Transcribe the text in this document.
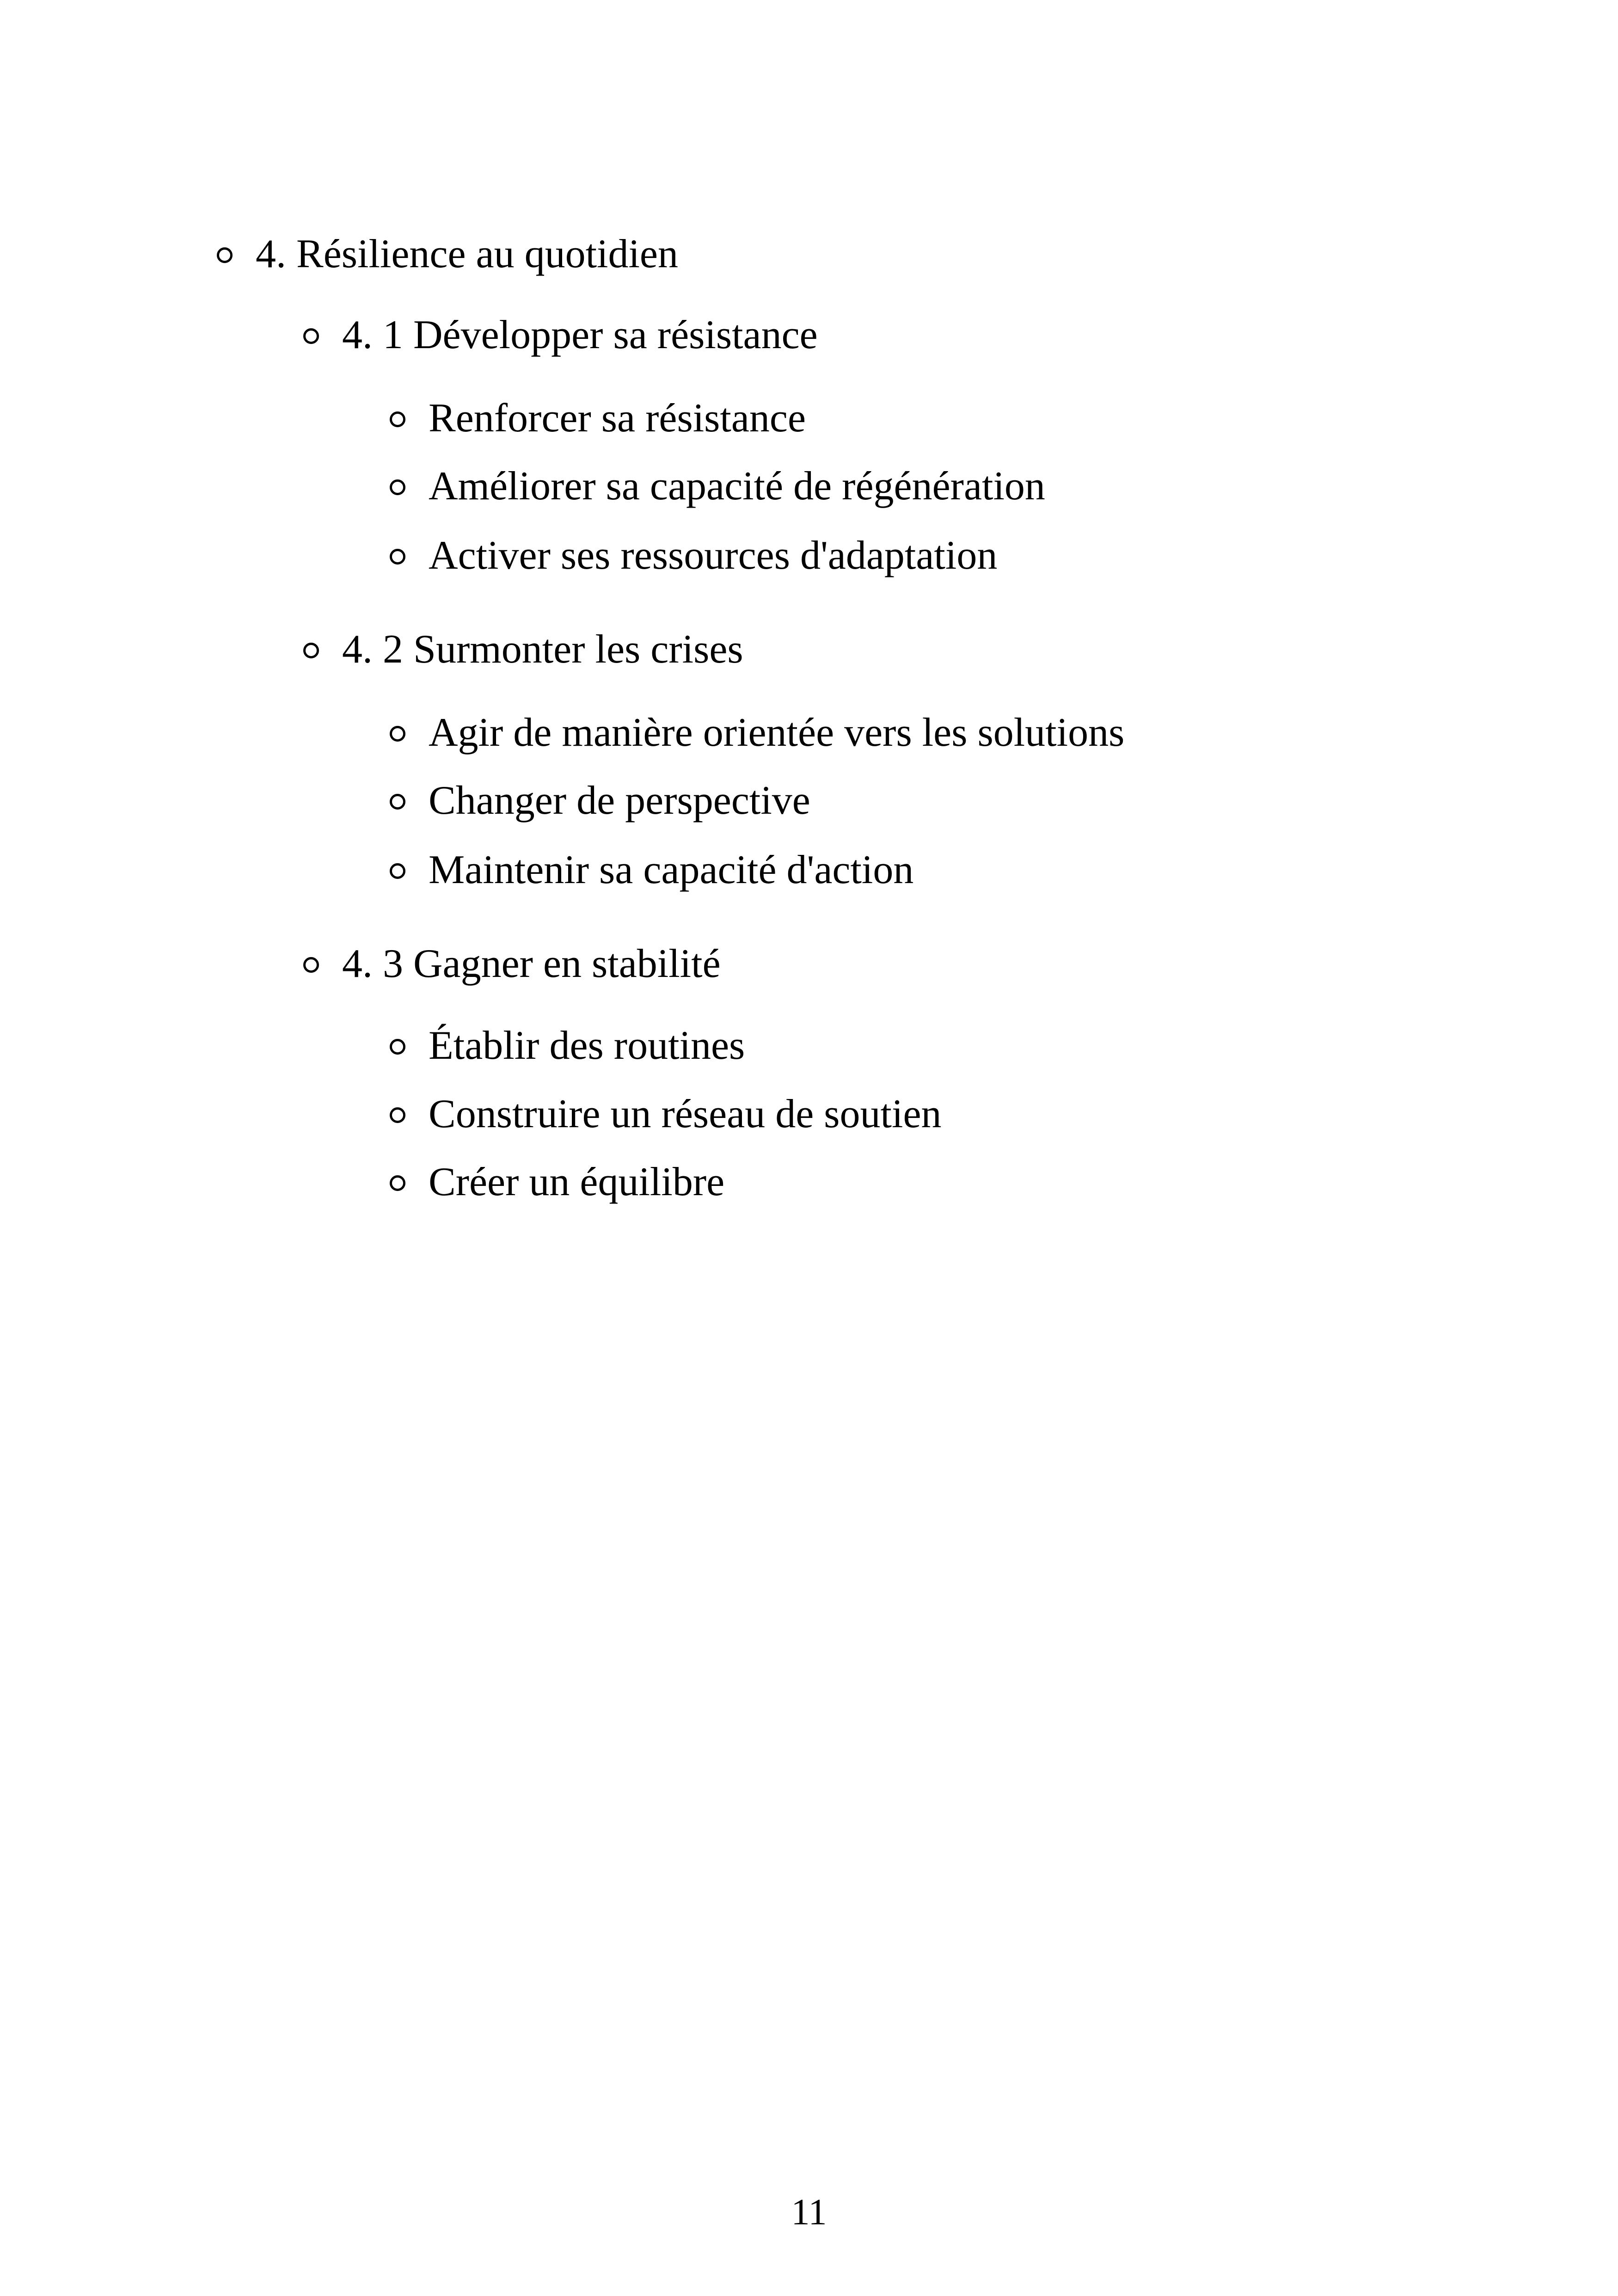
4. Résilience au quotidien
4. 1 Développer sa résistance
Renforcer sa résistance
Améliorer sa capacité de régénération
Activer ses ressources d'adaptation
4. 2 Surmonter les crises
Agir de manière orientée vers les solutions
Changer de perspective
Maintenir sa capacité d'action
4. 3 Gagner en stabilité
Établir des routines
Construire un réseau de soutien
Créer un équilibre
11
